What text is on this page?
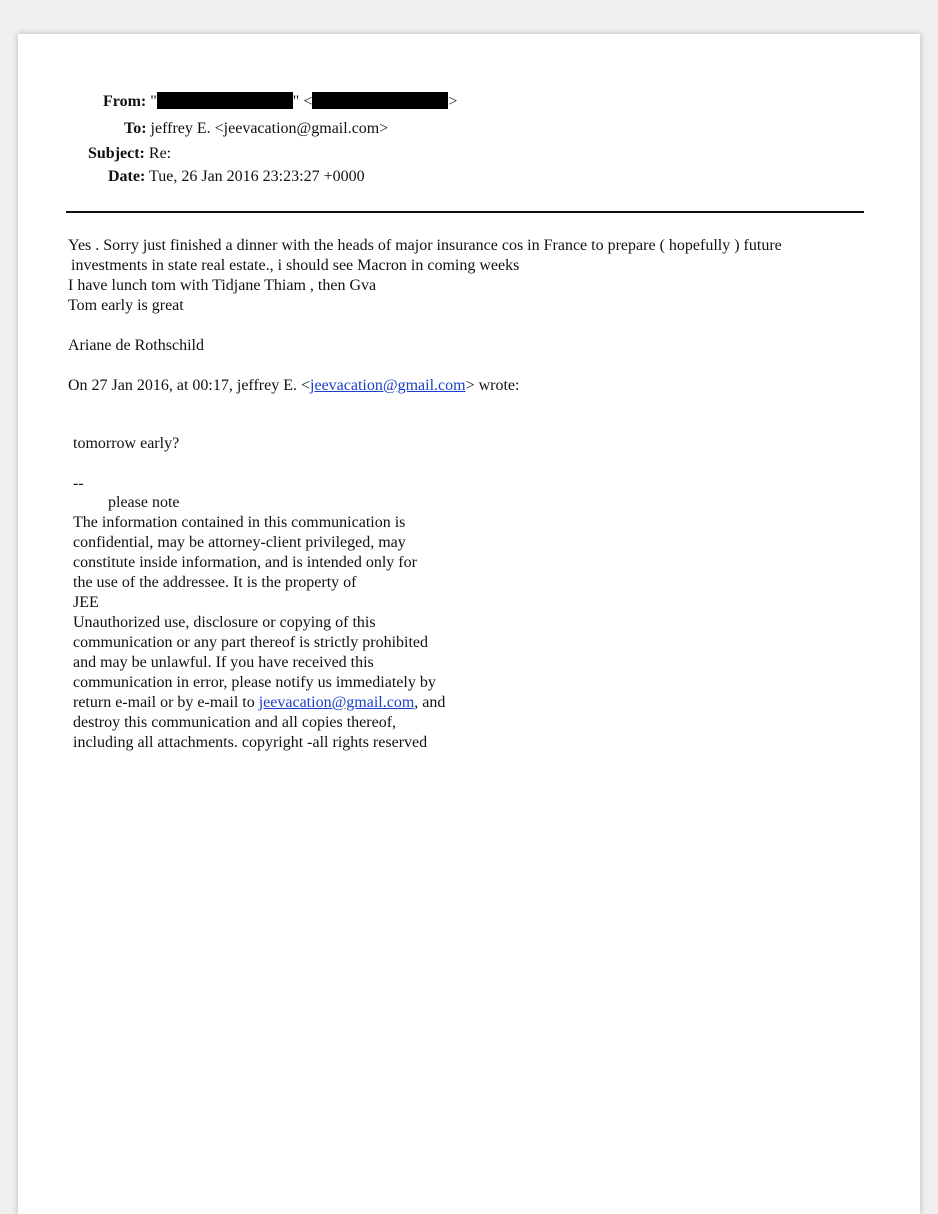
From: "	" <	>
To: jeffrey E. <jeevacation@gmail.com>
Subject: Re:
Date: Tue, 26 Jan 2016 23:23:27 +0000
Yes . Sorry just finished a dinner with the heads of major insurance cos in France to prepare ( hopefully ) future
investments in state real estate., i should see Macron in coming weeks
I have lunch tom with Tidjane Thiam , then Gva
Tom early is great
Ariane de Rothschild
On 27 Jan 2016, at 00:17, jeffrey E. <jeevacation@gmail.com> wrote:
tomorrow early?
--
please note
The information contained in this communication is
confidential, may be attorney-client privileged, may
constitute inside information, and is intended only for
the use of the addressee. It is the property of
JEE
Unauthorized use, disclosure or copying of this
communication or any part thereof is strictly prohibited
and may be unlawful. If you have received this
communication in error, please notify us immediately by
return e-mail or by e-mail to jeevacation@gmail.com, and
destroy this communication and all copies thereof,
including all attachments. copyright -all rights reserved
